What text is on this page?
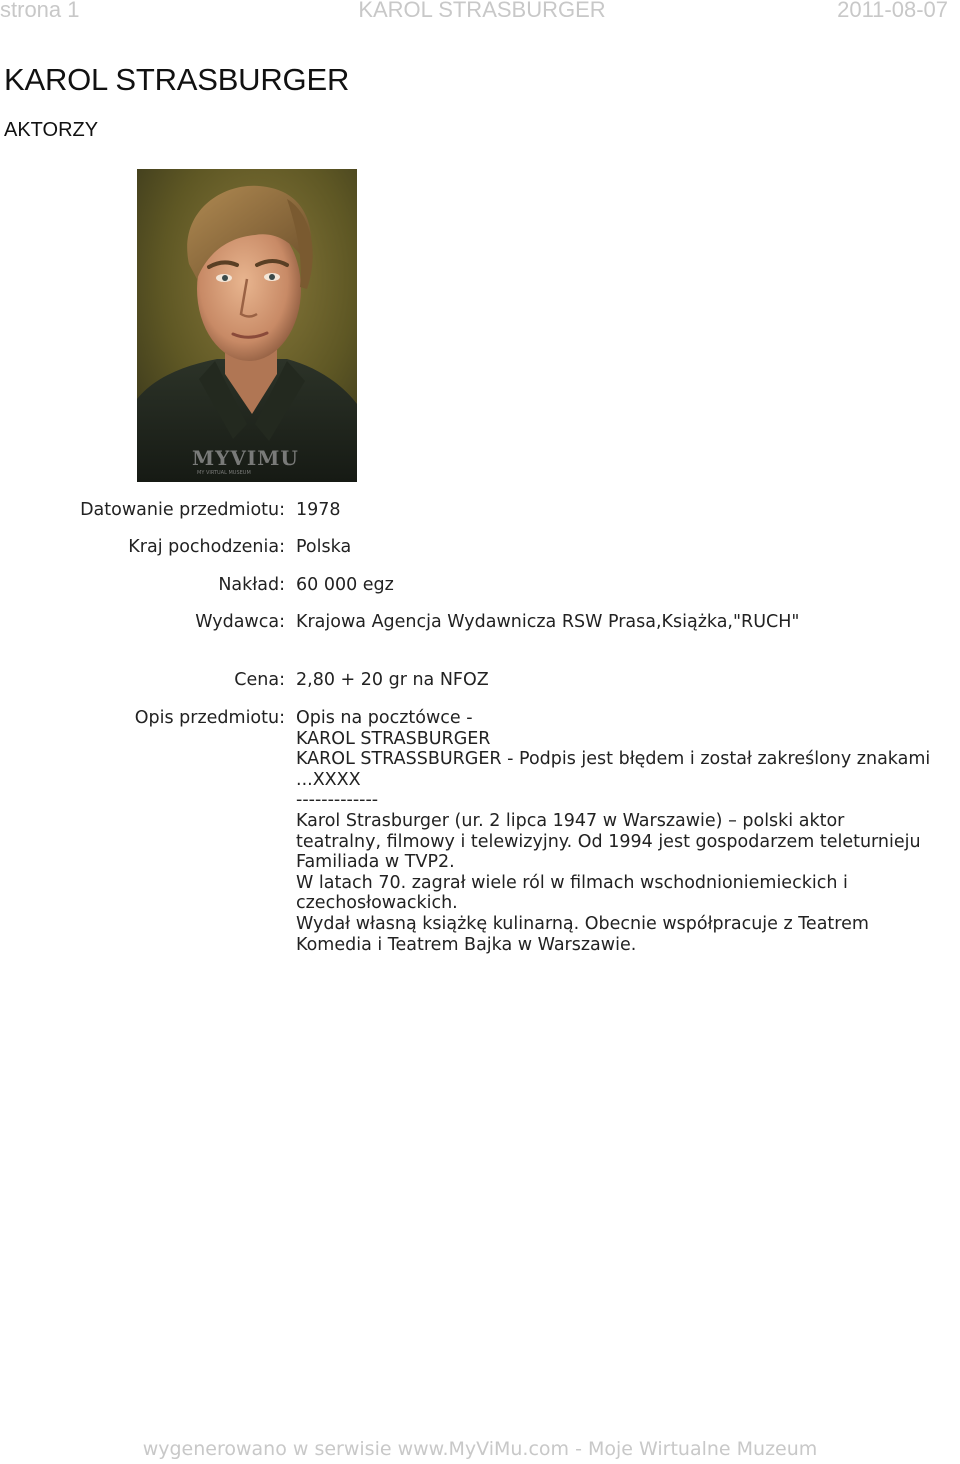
strona 1	KAROL STRASBURGER	2011-08-07
KAROL STRASBURGER
AKTORZY
MYVIMU
MY VIRTUAL MUSEUM
Datowanie przedmiotu: 1978
Kraj pochodzenia: Polska
Nakład: 60 000 egz
Wydawca: Krajowa Agencja Wydawnicza RSW Prasa,Książka,"RUCH"
Cena: 2,80 + 20 gr na NFOZ
Opis przedmiotu: Opis na pocztówce -
KAROL STRASBURGER
KAROL STRASSBURGER - Podpis jest błędem i został zakreślony znakami
...XXXX
-------------
Karol Strasburger (ur. 2 lipca 1947 w Warszawie) – polski aktor
teatralny, filmowy i telewizyjny. Od 1994 jest gospodarzem teleturnieju
Familiada w TVP2.
W latach 70. zagrał wiele ról w filmach wschodnioniemieckich i
czechosłowackich.
Wydał własną książkę kulinarną. Obecnie współpracuje z Teatrem
Komedia i Teatrem Bajka w Warszawie.
wygenerowano w serwisie www.MyViMu.com - Moje Wirtualne Muzeum
